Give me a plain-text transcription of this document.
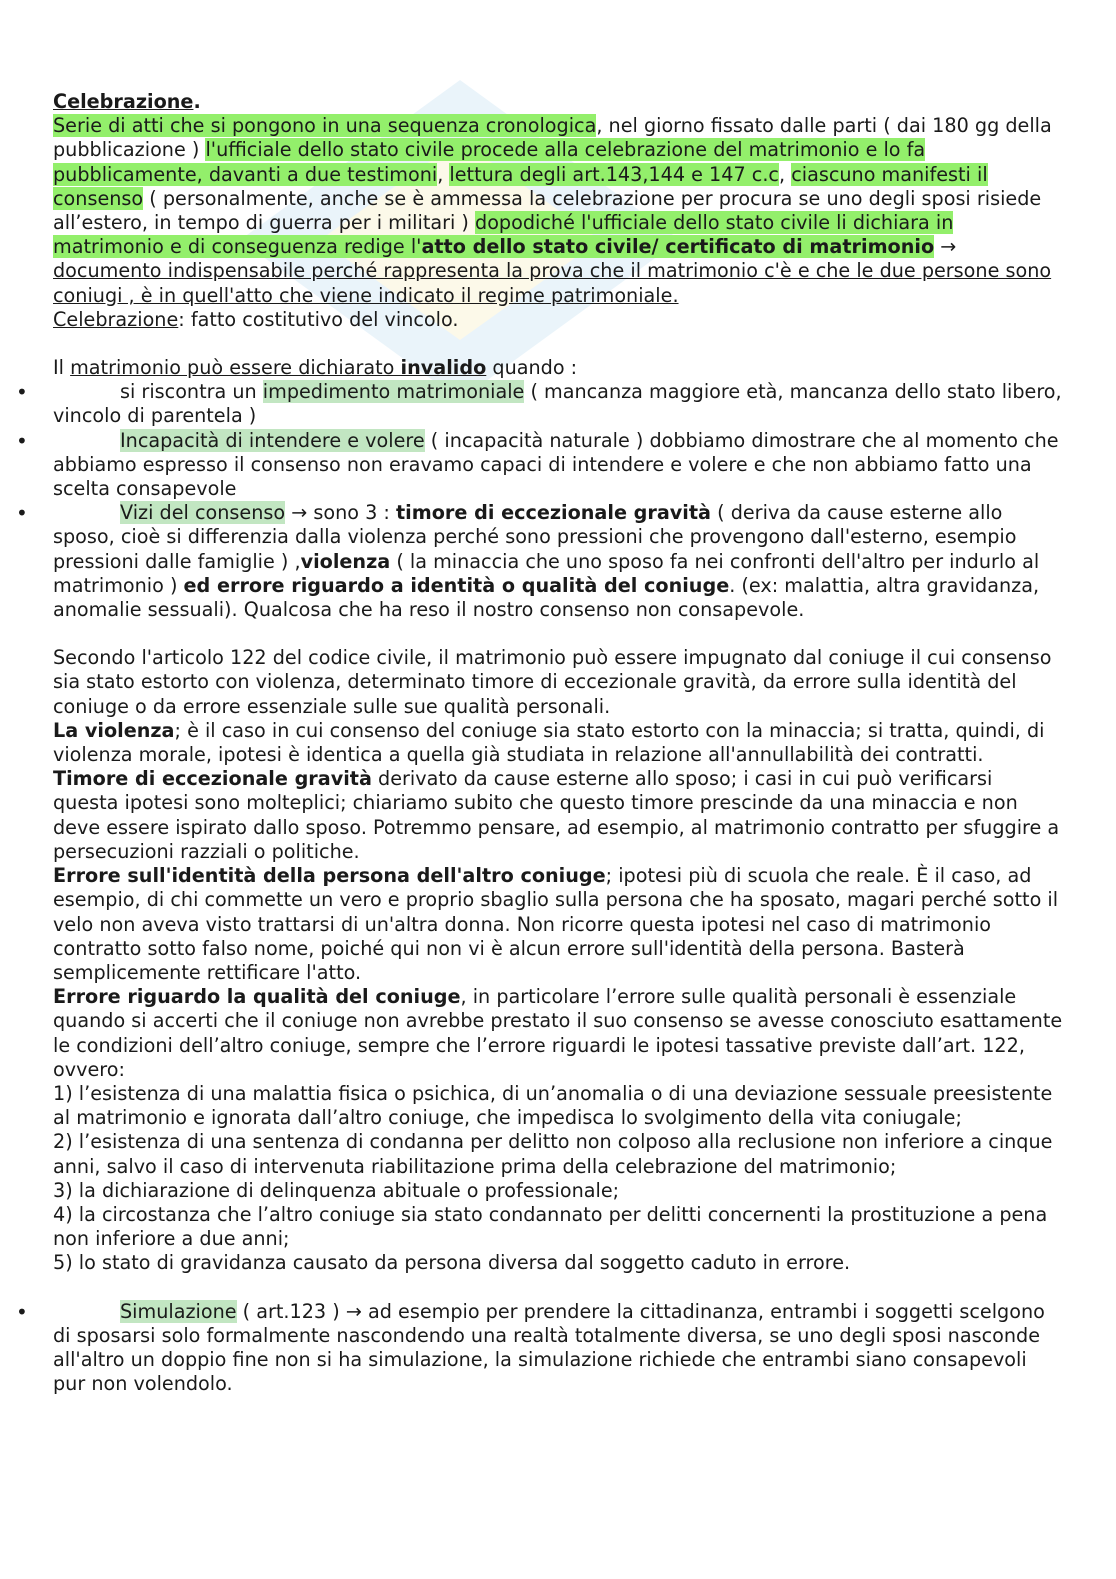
Celebrazione.

Serie di atti che si pongono in una sequenza cronologica, nel giorno fissato dalle parti ( dai 180 gg della pubblicazione ) l'ufficiale dello stato civile procede alla celebrazione del matrimonio e lo fa pubblicamente, davanti a due testimoni, lettura degli art.143,144 e 147 c.c, ciascuno manifesti il consenso ( personalmente, anche se è ammessa la celebrazione per procura se uno degli sposi risiede all’estero, in tempo di guerra per i militari ) dopodiché l'ufficiale dello stato civile li dichiara in matrimonio e di conseguenza redige l'atto dello stato civile/ certificato di matrimonio → documento indispensabile perché rappresenta la prova che il matrimonio c'è e che le due persone sono coniugi , è in quell'atto che viene indicato il regime patrimoniale.
Celebrazione: fatto costitutivo del vincolo.

Il matrimonio può essere dichiarato invalido quando :

•	si riscontra un impedimento matrimoniale ( mancanza maggiore età, mancanza dello stato libero, vincolo di parentela )

•	Incapacità di intendere e volere ( incapacità naturale ) dobbiamo dimostrare che al momento che abbiamo espresso il consenso non eravamo capaci di intendere e volere e che non abbiamo fatto una scelta consapevole

•	Vizi del consenso → sono 3 : timore di eccezionale gravità ( deriva da cause esterne allo sposo, cioè si differenzia dalla violenza perché sono pressioni che provengono dall'esterno, esempio pressioni dalle famiglie ) ,violenza ( la minaccia che uno sposo fa nei confronti dell'altro per indurlo al matrimonio ) ed errore riguardo a identità o qualità del coniuge. (ex: malattia, altra gravidanza, anomalie sessuali). Qualcosa che ha reso il nostro consenso non consapevole.

Secondo l'articolo 122 del codice civile, il matrimonio può essere impugnato dal coniuge il cui consenso sia stato estorto con violenza, determinato timore di eccezionale gravità, da errore sulla identità del coniuge o da errore essenziale sulle sue qualità personali.

La violenza; è il caso in cui consenso del coniuge sia stato estorto con la minaccia; si tratta, quindi, di violenza morale, ipotesi è identica a quella già studiata in relazione all'annullabilità dei contratti.

Timore di eccezionale gravità derivato da cause esterne allo sposo; i casi in cui può verificarsi questa ipotesi sono molteplici; chiariamo subito che questo timore prescinde da una minaccia e non deve essere ispirato dallo sposo. Potremmo pensare, ad esempio, al matrimonio contratto per sfuggire a persecuzioni razziali o politiche.

Errore sull'identità della persona dell'altro coniuge; ipotesi più di scuola che reale. È il caso, ad esempio, di chi commette un vero e proprio sbaglio sulla persona che ha sposato, magari perché sotto il velo non aveva visto trattarsi di un'altra donna. Non ricorre questa ipotesi nel caso di matrimonio contratto sotto falso nome, poiché qui non vi è alcun errore sull'identità della persona. Basterà semplicemente rettificare l'atto.

Errore riguardo la qualità del coniuge, in particolare l’errore sulle qualità personali è essenziale quando si accerti che il coniuge non avrebbe prestato il suo consenso se avesse conosciuto esattamente le condizioni dell’altro coniuge, sempre che l’errore riguardi le ipotesi tassative previste dall’art. 122, ovvero:

1) l’esistenza di una malattia fisica o psichica, di un’anomalia o di una deviazione sessuale preesistente al matrimonio e ignorata dall’altro coniuge, che impedisca lo svolgimento della vita coniugale;

2) l’esistenza di una sentenza di condanna per delitto non colposo alla reclusione non inferiore a cinque anni, salvo il caso di intervenuta riabilitazione prima della celebrazione del matrimonio;

3) la dichiarazione di delinquenza abituale o professionale;

4) la circostanza che l’altro coniuge sia stato condannato per delitti concernenti la prostituzione a pena non inferiore a due anni;

5) lo stato di gravidanza causato da persona diversa dal soggetto caduto in errore.

•	Simulazione ( art.123 ) → ad esempio per prendere la cittadinanza, entrambi i soggetti scelgono di sposarsi solo formalmente nascondendo una realtà totalmente diversa, se uno degli sposi nasconde all'altro un doppio fine non si ha simulazione, la simulazione richiede che entrambi siano consapevoli pur non volendolo.
